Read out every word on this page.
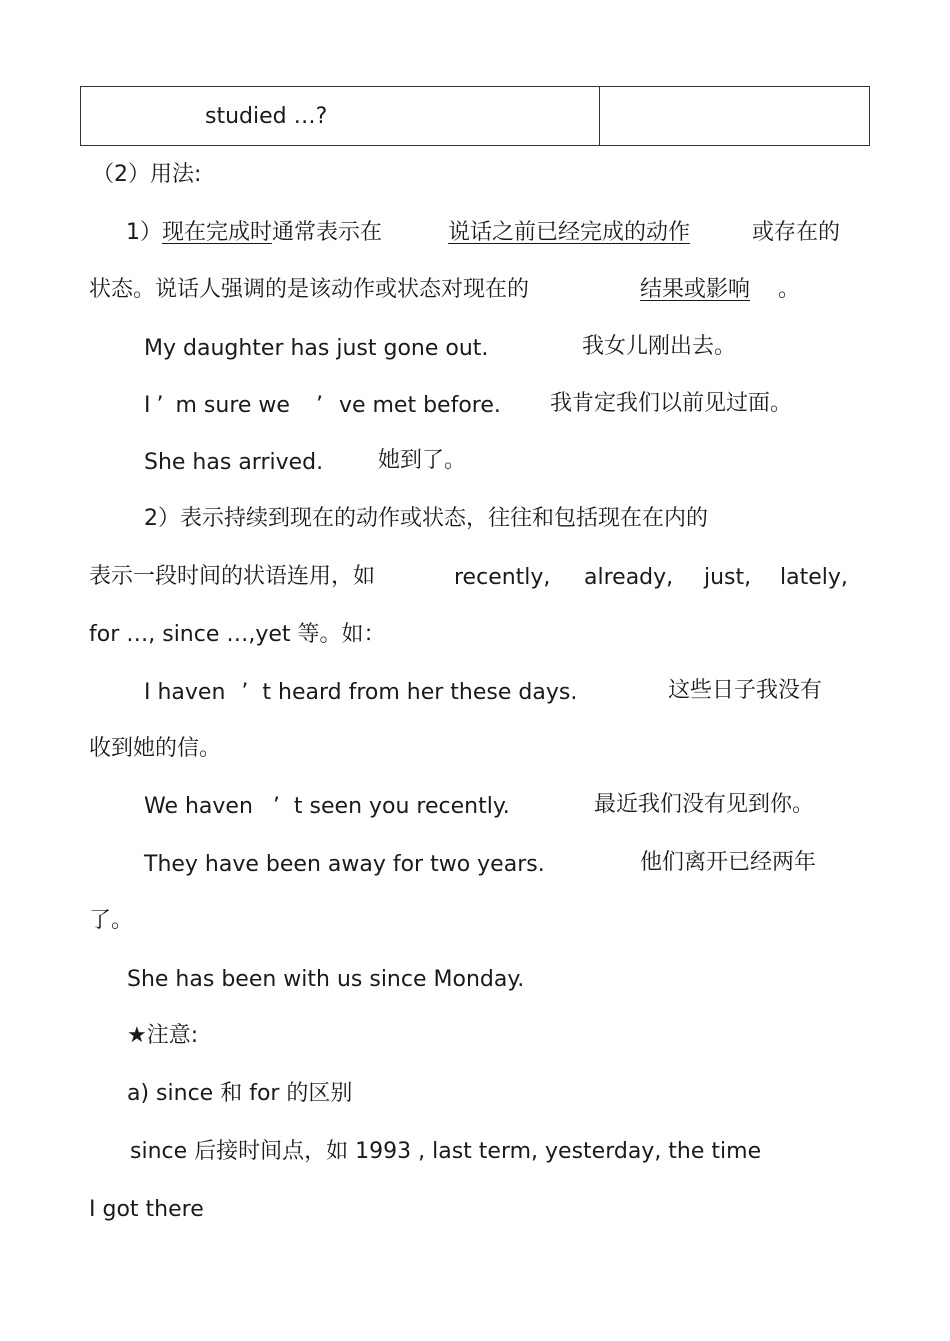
studied …?	
（2）用法:
1）现在完成时通常表示在	说话之前已经完成的动作	或存在的
状态。说话人强调的是该动作或状态对现在的	结果或影响 。
My daughter has just gone out.	我女儿刚出去。
I ’ m sure we ’ ve met before. 我肯定我们以前见过面。
She has arrived. 她到了。
2）表示持续到现在的动作或状态，往往和包括现在在内的
表示一段时间的状语连用，如	recently, already, just, lately,
for …, since …,yet 等。如：
I haven ’ t heard from her these days.	这些日子我没有
收到她的信。
We haven ’ t seen you recently.	最近我们没有见到你。
They have been away for two years.	他们离开已经两年
了。
She has been with us since Monday.
★注意:
a) since 和 for 的区别
since 后接时间点，如 1993 , last term, yesterday, the time
I got there
